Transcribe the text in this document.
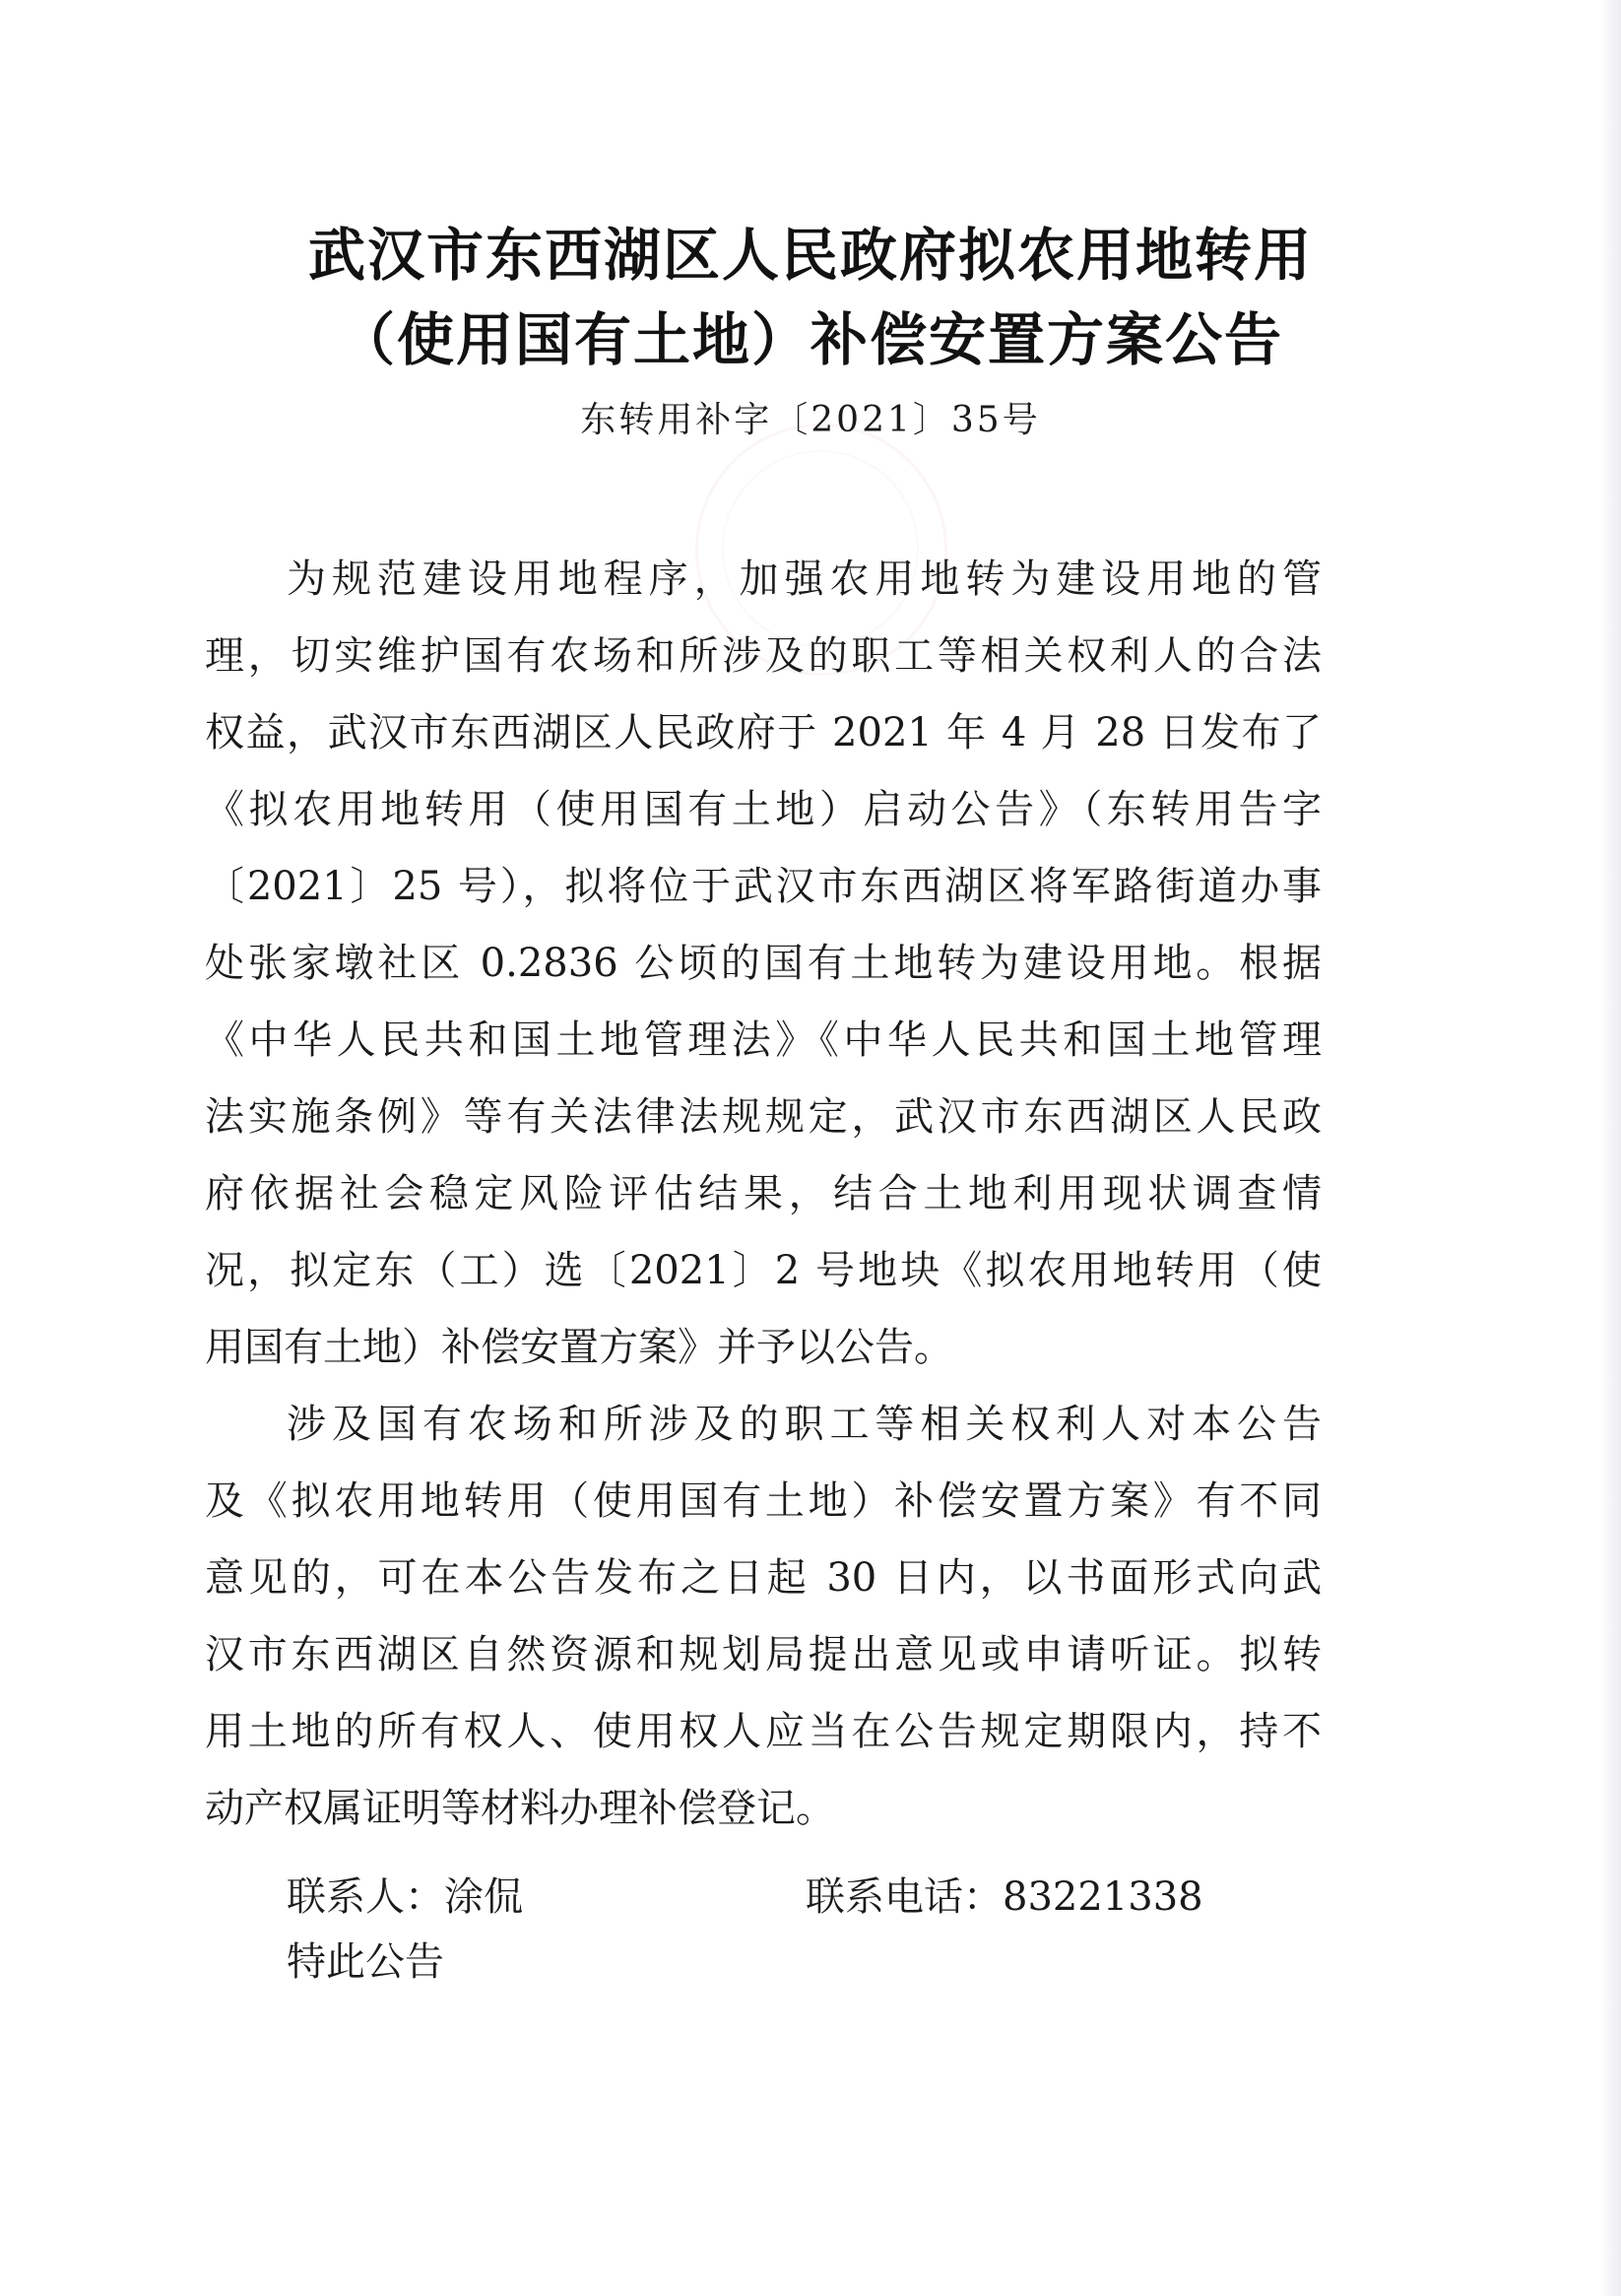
武汉市东西湖区人民政府拟农用地转用
（使用国有土地）补偿安置方案公告
东转用补字〔2021〕35号
为规范建设用地程序，加强农用地转为建设用地的管
理，切实维护国有农场和所涉及的职工等相关权利人的合法
权益，武汉市东西湖区人民政府于 2021 年 4 月 28 日发布了
《拟农用地转用（使用国有土地）启动公告》（东转用告字
〔2021〕25 号），拟将位于武汉市东西湖区将军路街道办事
处张家墩社区 0.2836 公顷的国有土地转为建设用地。根据
《中华人民共和国土地管理法》《中华人民共和国土地管理
法实施条例》等有关法律法规规定，武汉市东西湖区人民政
府依据社会稳定风险评估结果，结合土地利用现状调查情
况，拟定东（工）选〔2021〕2 号地块《拟农用地转用（使
用国有土地）补偿安置方案》并予以公告。
涉及国有农场和所涉及的职工等相关权利人对本公告
及《拟农用地转用（使用国有土地）补偿安置方案》有不同
意见的，可在本公告发布之日起 30 日内，以书面形式向武
汉市东西湖区自然资源和规划局提出意见或申请听证。拟转
用土地的所有权人、使用权人应当在公告规定期限内，持不
动产权属证明等材料办理补偿登记。
联系人：涂侃	联系电话：83221338
特此公告
